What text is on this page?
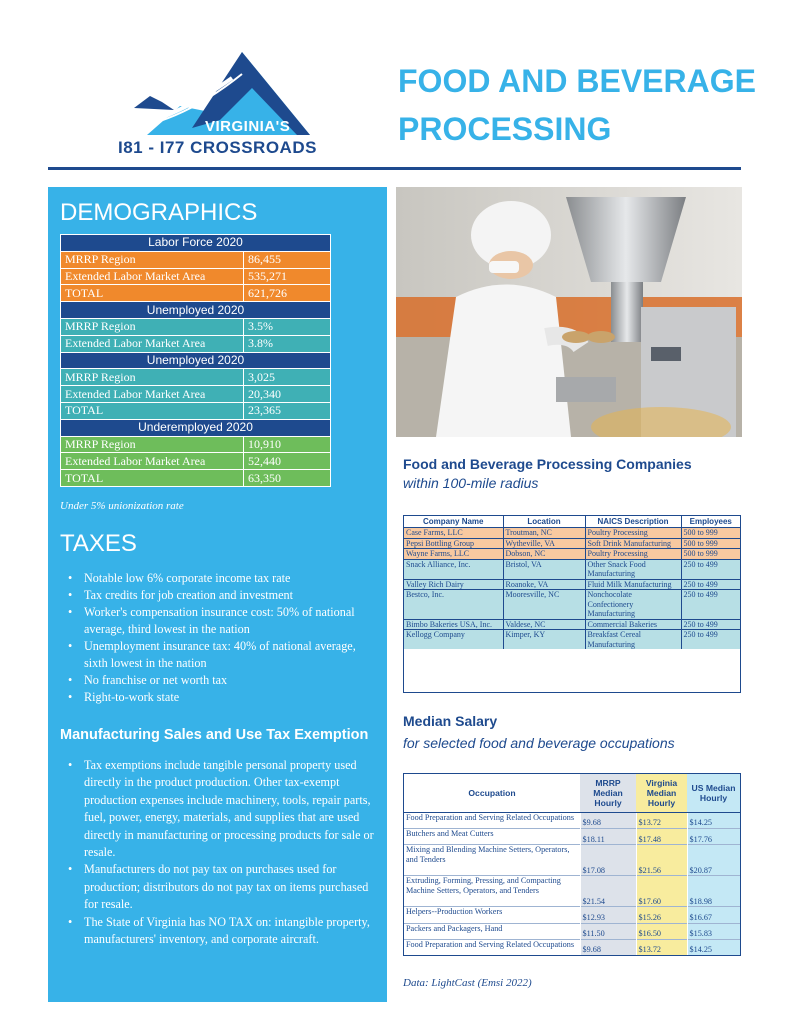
VIRGINIA'S
I81 - I77 CROSSROADS
FOOD AND BEVERAGE PROCESSING
DEMOGRAPHICS
Labor Force 2020	
MRRP Region	86,455
Extended Labor Market Area	535,271
TOTAL	621,726
Unemployed 2020	
MRRP Region	3.5%
Extended Labor Market Area	3.8%
Unemployed 2020	
MRRP Region	3,025
Extended Labor Market Area	20,340
TOTAL	23,365
Underemployed 2020	
MRRP Region	10,910
Extended Labor Market Area	52,440
TOTAL	63,350

Under 5% unionization rate

TAXES
• Notable low 6% corporate income tax rate
• Tax credits for job creation and investment
• Worker's compensation insurance cost: 50% of national average, third lowest in the nation
• Unemployment insurance tax: 40% of national average, sixth lowest in the nation
• No franchise or net worth tax
• Right-to-work state
Manufacturing Sales and Use Tax Exemption
• Tax exemptions include tangible personal property used directly in the product production. Other tax-exempt production expenses include machinery, tools, repair parts, fuel, power, energy, materials, and supplies that are used directly in manufacturing or processing products for sale or resale.
• Manufacturers do not pay tax on purchases used for production; distributors do not pay tax on items purchased for resale.
• The State of Virginia has NO TAX on: intangible property, manufacturers' inventory, and corporate aircraft.
Food and Beverage Processing Companies

within 100-mile radius

Company Name	Location	NAICS Description	Employees
Case Farms, LLC	Troutman, NC	Poultry Processing	500 to 999
Pepsi Bottling Group	Wytheville, VA	Soft Drink Manufacturing	500 to 999
Wayne Farms, LLC	Dobson, NC	Poultry Processing	500 to 999
Snack Alliance, Inc.	Bristol, VA	Other Snack Food Manufacturing	250 to 499
Valley Rich Dairy	Roanoke, VA	Fluid Milk Manufacturing	250 to 499
Bestco, Inc.	Mooresville, NC	Nonchocolate Confectionery Manufacturing	250 to 499
Bimbo Bakeries USA, Inc.	Valdese, NC	Commercial Bakeries	250 to 499
Kellogg Company	Kimper, KY	Breakfast Cereal Manufacturing	250 to 499
Median Salary

for selected food and beverage occupations

Occupation	MRRP Median Hourly	Virginia Median Hourly	US Median Hourly
Food Preparation and Serving Related Occupations	$9.68	$13.72	$14.25
Butchers and Meat Cutters	$18.11	$17.48	$17.76
Mixing and Blending Machine Setters, Operators, and Tenders	$17.08	$21.56	$20.87
Extruding, Forming, Pressing, and Compacting Machine Setters, Operators, and Tenders	$21.54	$17.60	$18.98
Helpers--Production Workers	$12.93	$15.26	$16.67
Packers and Packagers, Hand	$11.50	$16.50	$15.83
Food Preparation and Serving Related Occupations	$9.68	$13.72	$14.25

Data: LightCast (Emsi 2022)
